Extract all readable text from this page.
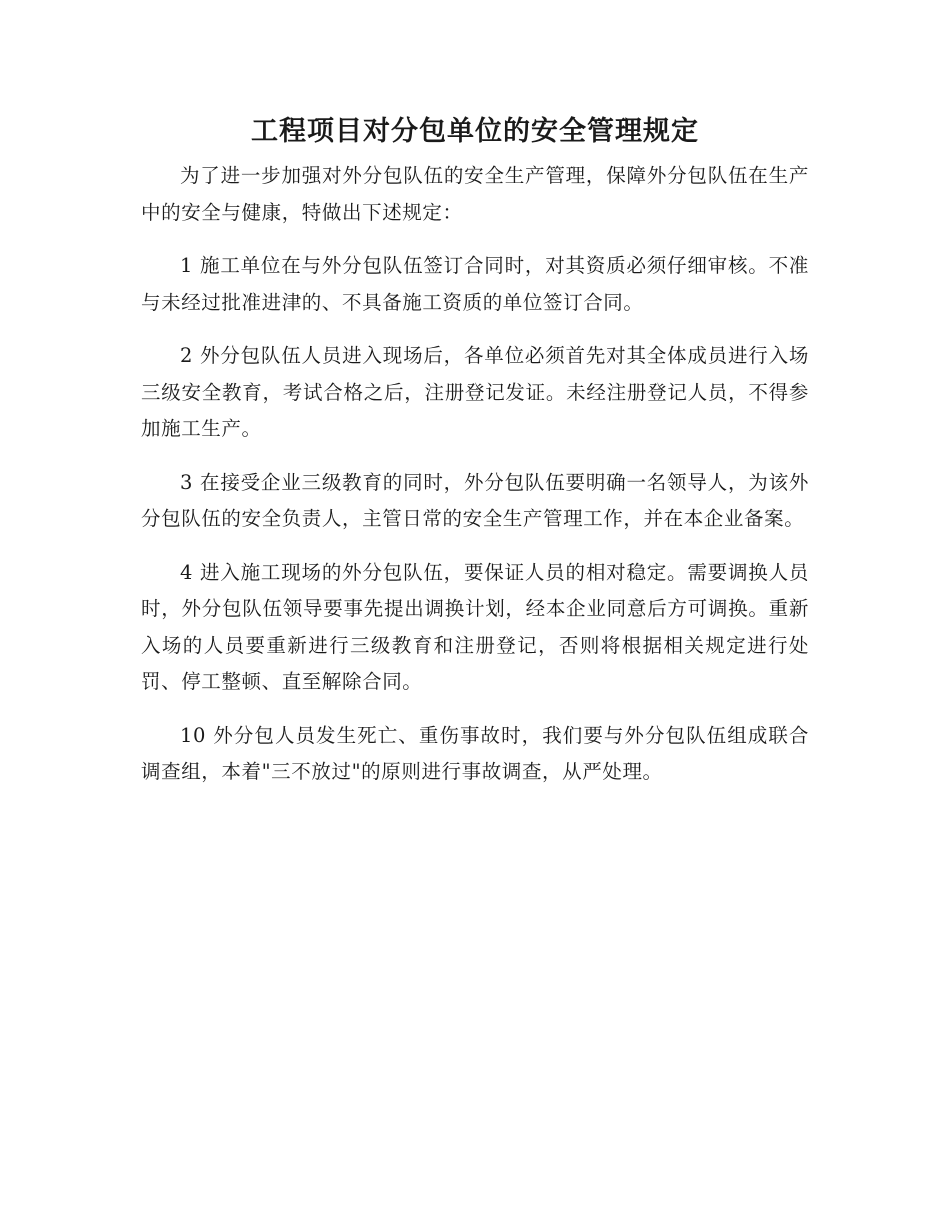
工程项目对分包单位的安全管理规定

为了进一步加强对外分包队伍的安全生产管理，保障外分包队伍在生产中的安全与健康，特做出下述规定：

1 施工单位在与外分包队伍签订合同时，对其资质必须仔细审核。不准与未经过批准进津的、不具备施工资质的单位签订合同。

2 外分包队伍人员进入现场后，各单位必须首先对其全体成员进行入场三级安全教育，考试合格之后，注册登记发证。未经注册登记人员，不得参加施工生产。

3 在接受企业三级教育的同时，外分包队伍要明确一名领导人，为该外分包队伍的安全负责人，主管日常的安全生产管理工作，并在本企业备案。

4 进入施工现场的外分包队伍，要保证人员的相对稳定。需要调换人员时，外分包队伍领导要事先提出调换计划，经本企业同意后方可调换。重新入场的人员要重新进行三级教育和注册登记，否则将根据相关规定进行处罚、停工整顿、直至解除合同。

10 外分包人员发生死亡、重伤事故时，我们要与外分包队伍组成联合调查组，本着"三不放过"的原则进行事故调查，从严处理。
